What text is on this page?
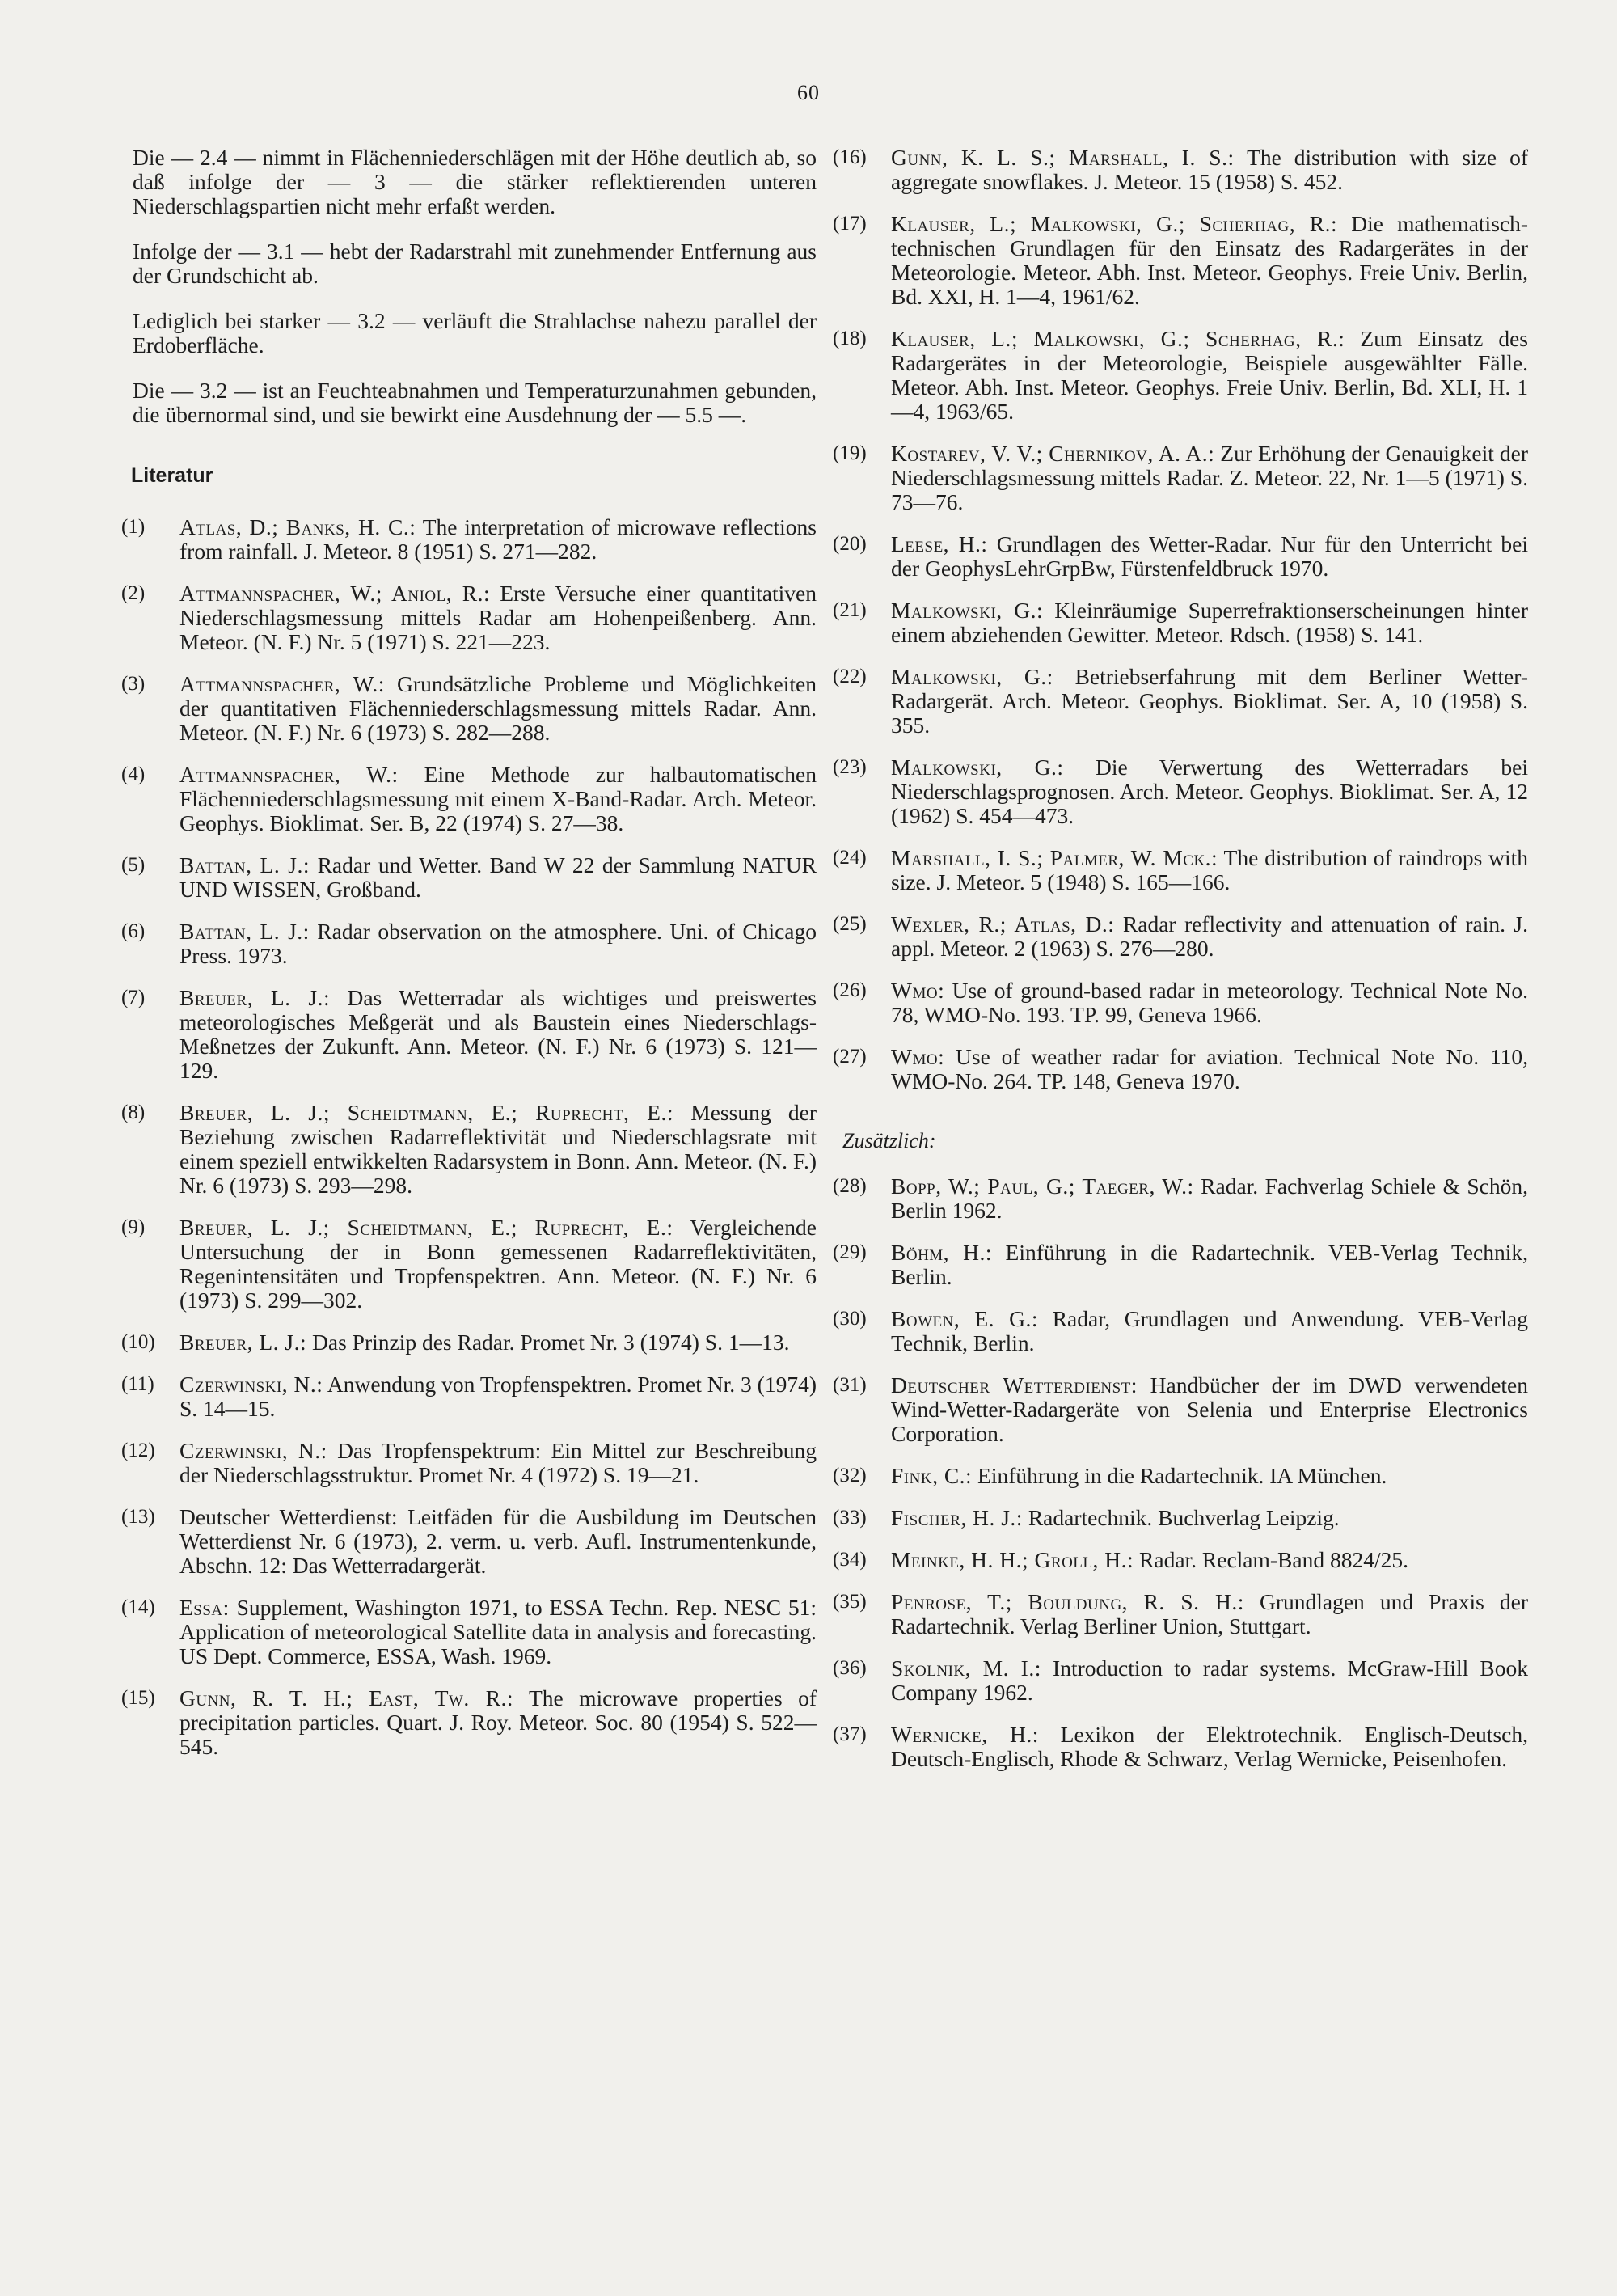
60

Die — 2.4 — nimmt in Flächenniederschlägen mit der Höhe deutlich ab, so daß infolge der — 3 — die stärker reflektierenden unteren Niederschlagspartien nicht mehr erfaßt werden.

Infolge der — 3.1 — hebt der Radarstrahl mit zunehmender Entfernung aus der Grundschicht ab.

Lediglich bei starker — 3.2 — verläuft die Strahlachse nahezu parallel der Erdoberfläche.

Die — 3.2 — ist an Feuchteabnahmen und Temperaturzunahmen gebunden, die übernormal sind, und sie bewirkt eine Ausdehnung der — 5.5 —.

Literatur
(1)	Atlas, D.; Banks, H. C.: The interpretation of microwave reflections from rainfall. J. Meteor. 8 (1951) S. 271—282.
(2)	Attmannspacher, W.; Aniol, R.: Erste Versuche einer quantitativen Niederschlagsmessung mittels Radar am Hohenpeißenberg. Ann. Meteor. (N. F.) Nr. 5 (1971) S. 221—223.
(3)	Attmannspacher, W.: Grundsätzliche Probleme und Möglichkeiten der quantitativen Flächenniederschlagsmessung mittels Radar. Ann. Meteor. (N. F.) Nr. 6 (1973) S. 282—288.
(4)	Attmannspacher, W.: Eine Methode zur halbautomatischen Flächenniederschlagsmessung mit einem X-Band-Radar. Arch. Meteor. Geophys. Bioklimat. Ser. B, 22 (1974) S. 27—38.
(5)	Battan, L. J.: Radar und Wetter. Band W 22 der Sammlung NATUR UND WISSEN, Großband.
(6)	Battan, L. J.: Radar observation on the atmosphere. Uni. of Chicago Press. 1973.
(7)	Breuer, L. J.: Das Wetterradar als wichtiges und preiswertes meteorologisches Meßgerät und als Baustein eines Niederschlags-Meßnetzes der Zukunft. Ann. Meteor. (N. F.) Nr. 6 (1973) S. 121—129.
(8)	Breuer, L. J.; Scheidtmann, E.; Ruprecht, E.: Messung der Beziehung zwischen Radarreflektivität und Niederschlagsrate mit einem speziell entwikkelten Radarsystem in Bonn. Ann. Meteor. (N. F.) Nr. 6 (1973) S. 293—298.
(9)	Breuer, L. J.; Scheidtmann, E.; Ruprecht, E.: Vergleichende Untersuchung der in Bonn gemessenen Radarreflektivitäten, Regenintensitäten und Tropfenspektren. Ann. Meteor. (N. F.) Nr. 6 (1973) S. 299—302.
(10)	Breuer, L. J.: Das Prinzip des Radar. Promet Nr. 3 (1974) S. 1—13.
(11)	Czerwinski, N.: Anwendung von Tropfenspektren. Promet Nr. 3 (1974) S. 14—15.
(12)	Czerwinski, N.: Das Tropfenspektrum: Ein Mittel zur Beschreibung der Niederschlagsstruktur. Promet Nr. 4 (1972) S. 19—21.
(13)	Deutscher Wetterdienst: Leitfäden für die Ausbildung im Deutschen Wetterdienst Nr. 6 (1973), 2. verm. u. verb. Aufl. Instrumentenkunde, Abschn. 12: Das Wetterradargerät.
(14)	Essa: Supplement, Washington 1971, to ESSA Techn. Rep. NESC 51: Application of meteorological Satellite data in analysis and forecasting. US Dept. Commerce, ESSA, Wash. 1969.
(15)	Gunn, R. T. H.; East, Tw. R.: The microwave properties of precipitation particles. Quart. J. Roy. Meteor. Soc. 80 (1954) S. 522—545.
(16)	Gunn, K. L. S.; Marshall, I. S.: The distribution with size of aggregate snowflakes. J. Meteor. 15 (1958) S. 452.
(17)	Klauser, L.; Malkowski, G.; Scherhag, R.: Die mathematisch-technischen Grundlagen für den Einsatz des Radargerätes in der Meteorologie. Meteor. Abh. Inst. Meteor. Geophys. Freie Univ. Berlin, Bd. XXI, H. 1—4, 1961/62.
(18)	Klauser, L.; Malkowski, G.; Scherhag, R.: Zum Einsatz des Radargerätes in der Meteorologie, Beispiele ausgewählter Fälle. Meteor. Abh. Inst. Meteor. Geophys. Freie Univ. Berlin, Bd. XLI, H. 1—4, 1963/65.
(19)	Kostarev, V. V.; Chernikov, A. A.: Zur Erhöhung der Genauigkeit der Niederschlagsmessung mittels Radar. Z. Meteor. 22, Nr. 1—5 (1971) S. 73—76.
(20)	Leese, H.: Grundlagen des Wetter-Radar. Nur für den Unterricht bei der GeophysLehrGrpBw, Fürstenfeldbruck 1970.
(21)	Malkowski, G.: Kleinräumige Superrefraktionserscheinungen hinter einem abziehenden Gewitter. Meteor. Rdsch. (1958) S. 141.
(22)	Malkowski, G.: Betriebserfahrung mit dem Berliner Wetter-Radargerät. Arch. Meteor. Geophys. Bioklimat. Ser. A, 10 (1958) S. 355.
(23)	Malkowski, G.: Die Verwertung des Wetterradars bei Niederschlagsprognosen. Arch. Meteor. Geophys. Bioklimat. Ser. A, 12 (1962) S. 454—473.
(24)	Marshall, I. S.; Palmer, W. Mck.: The distribution of raindrops with size. J. Meteor. 5 (1948) S. 165—166.
(25)	Wexler, R.; Atlas, D.: Radar reflectivity and attenuation of rain. J. appl. Meteor. 2 (1963) S. 276—280.
(26)	Wmo: Use of ground-based radar in meteorology. Technical Note No. 78, WMO-No. 193. TP. 99, Geneva 1966.
(27)	Wmo: Use of weather radar for aviation. Technical Note No. 110, WMO-No. 264. TP. 148, Geneva 1970.
Zusätzlich:
(28)	Bopp, W.; Paul, G.; Taeger, W.: Radar. Fachverlag Schiele & Schön, Berlin 1962.
(29)	Böhm, H.: Einführung in die Radartechnik. VEB-Verlag Technik, Berlin.
(30)	Bowen, E. G.: Radar, Grundlagen und Anwendung. VEB-Verlag Technik, Berlin.
(31)	Deutscher Wetterdienst: Handbücher der im DWD verwendeten Wind-Wetter-Radargeräte von Selenia und Enterprise Electronics Corporation.
(32)	Fink, C.: Einführung in die Radartechnik. IA München.
(33)	Fischer, H. J.: Radartechnik. Buchverlag Leipzig.
(34)	Meinke, H. H.; Groll, H.: Radar. Reclam-Band 8824/25.
(35)	Penrose, T.; Bouldung, R. S. H.: Grundlagen und Praxis der Radartechnik. Verlag Berliner Union, Stuttgart.
(36)	Skolnik, M. I.: Introduction to radar systems. McGraw-Hill Book Company 1962.
(37)	Wernicke, H.: Lexikon der Elektrotechnik. Englisch-Deutsch, Deutsch-Englisch, Rhode & Schwarz, Verlag Wernicke, Peisenhofen.
